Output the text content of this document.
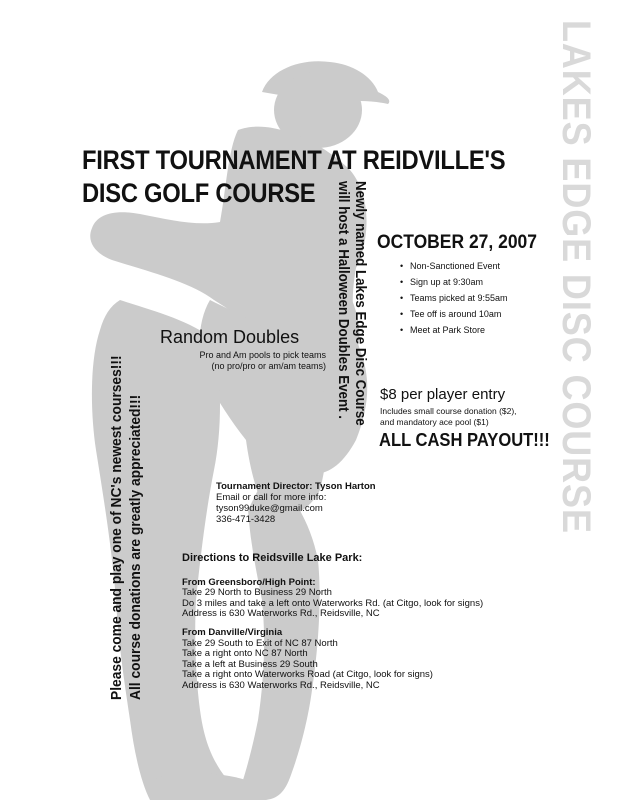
LAKES EDGE DISC COURSE
FIRST TOURNAMENT AT REIDVILLE'S
DISC GOLF COURSE	Newly named Lakes Edge Disc Course
will host a Halloween Doubles Event .
Please come and play one of NC's newest courses!!! All course donations are greatly appreciated!!!
OCTOBER 27, 2007
• Non-Sanctioned Event
• Sign up at 9:30am
• Teams picked at 9:55am
• Tee off is around 10am
• Meet at Park Store
Random Doubles
Pro and Am pools to pick teams
(no pro/pro or am/am teams)
$8 per player entry
Includes small course donation ($2),
and mandatory ace pool ($1)
ALL CASH PAYOUT!!!
Tournament Director: Tyson Harton
Email or call for more info:
tyson99duke@gmail.com
336-471-3428
Directions to Reidsville Lake Park:
From Greensboro/High Point:
Take 29 North to Business 29 North
Do 3 miles and take a left onto Waterworks Rd. (at Citgo, look for signs)
Address is 630 Waterworks Rd., Reidsville, NC
From Danville/Virginia
Take 29 South to Exit of NC 87 North
Take a right onto NC 87 North
Take a left at Business 29 South
Take a right onto Waterworks Road (at Citgo, look for signs)
Address is 630 Waterworks Rd., Reidsville, NC
